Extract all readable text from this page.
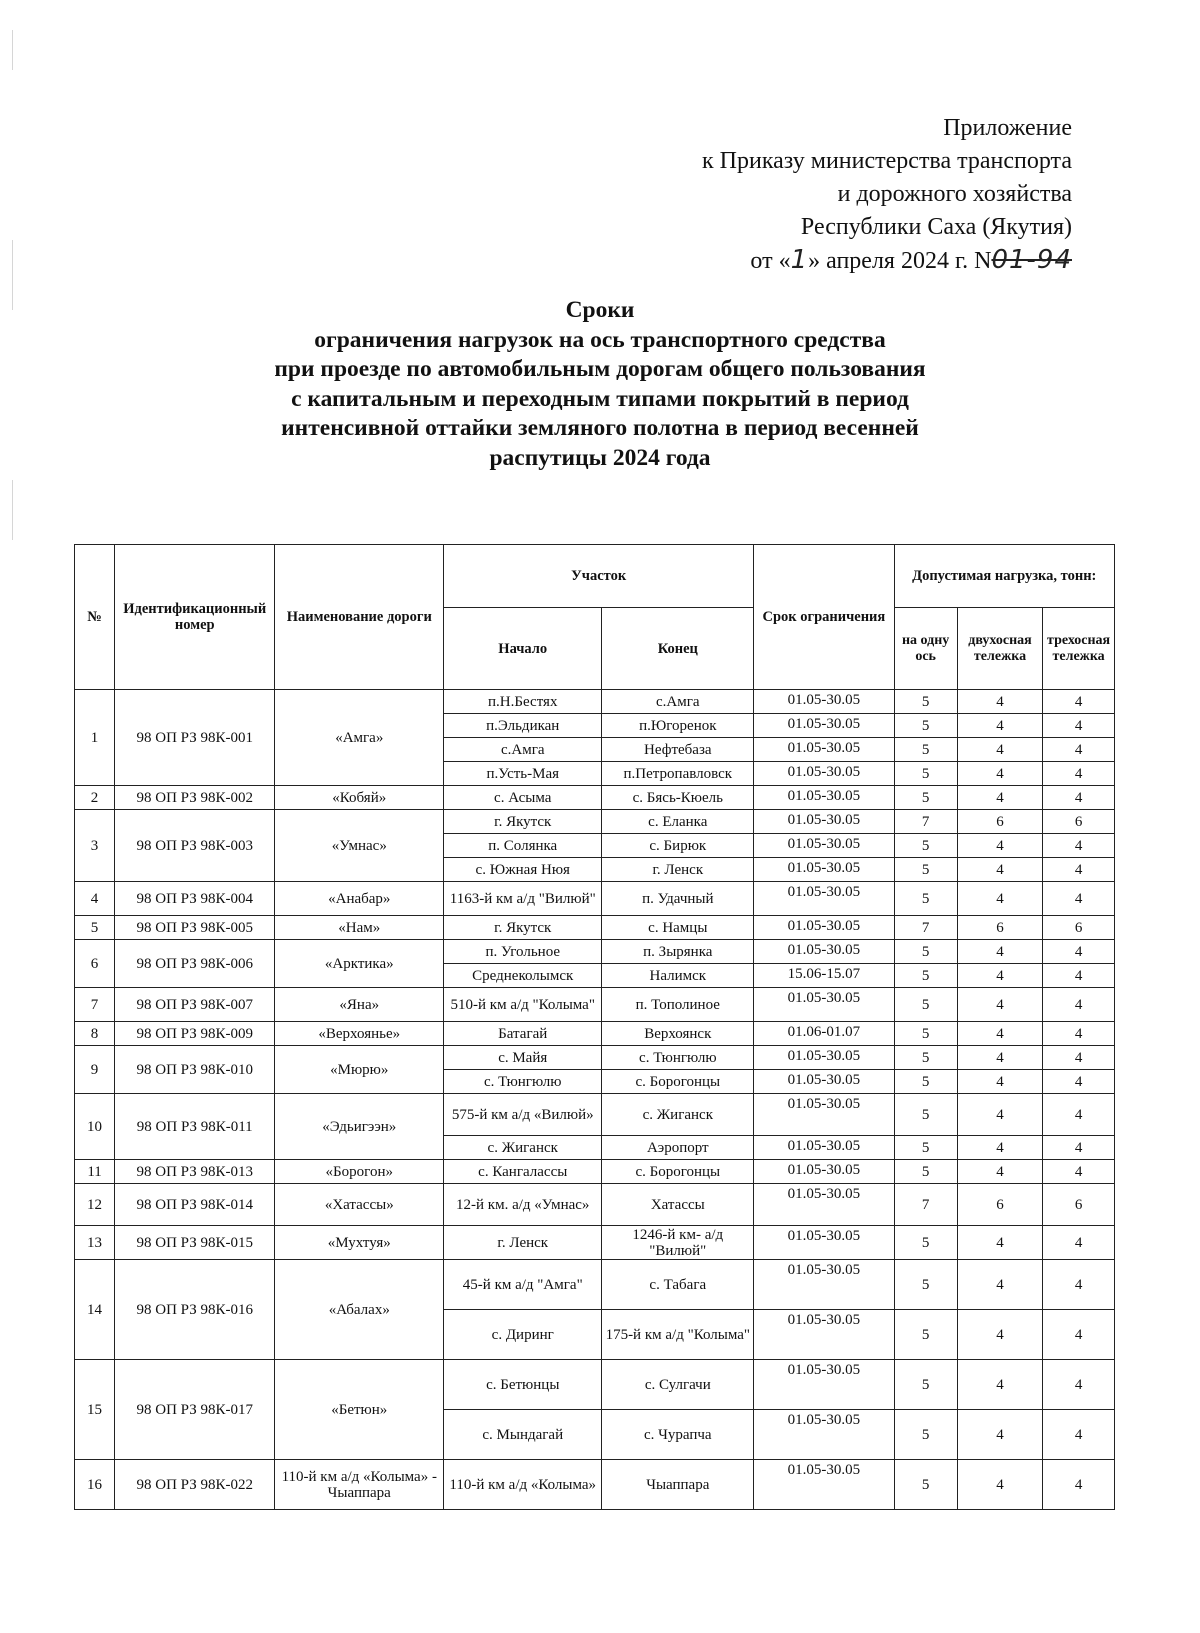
Приложение
к Приказу министерства транспорта
и дорожного хозяйства
Республики Саха (Якутия)
от «1» апреля 2024 г. N01-94
Сроки
ограничения нагрузок на ось транспортного средства
при проезде по автомобильным дорогам общего пользования
с капитальным и переходным типами покрытий в период
интенсивной оттайки земляного полотна в период весенней
распутицы 2024 года
№	Идентификационный номер	Наименование дороги	Участок		Срок ограничения	Допустимая нагрузка, тонн:		
			Начало	Конец		на одну ось	двухосная тележка	трехосная тележка
1	98 ОП РЗ 98К-001	«Амга»	п.Н.Бестях	с.Амга	01.05-30.05	5	4	4
			п.Эльдикан	п.Югоренок	01.05-30.05	5	4	4
			с.Амга	Нефтебаза	01.05-30.05	5	4	4
			п.Усть-Мая	п.Петропавловск	01.05-30.05	5	4	4
2	98 ОП РЗ 98К-002	«Кобяй»	с. Асыма	с. Бясь-Кюель	01.05-30.05	5	4	4
3	98 ОП РЗ 98К-003	«Умнас»	г. Якутск	с. Еланка	01.05-30.05	7	6	6
			п. Солянка	с. Бирюк	01.05-30.05	5	4	4
			с. Южная Нюя	г. Ленск	01.05-30.05	5	4	4
4	98 ОП РЗ 98К-004	«Анабар»	1163-й км а/д "Вилюй"	п. Удачный	01.05-30.05	5	4	4
5	98 ОП РЗ 98К-005	«Нам»	г. Якутск	с. Намцы	01.05-30.05	7	6	6
6	98 ОП РЗ 98К-006	«Арктика»	п. Угольное	п. Зырянка	01.05-30.05	5	4	4
			Среднеколымск	Налимск	15.06-15.07	5	4	4
7	98 ОП РЗ 98К-007	«Яна»	510-й км а/д "Колыма"	п. Тополиное	01.05-30.05	5	4	4
8	98 ОП РЗ 98К-009	«Верхоянье»	Батагай	Верхоянск	01.06-01.07	5	4	4
9	98 ОП РЗ 98К-010	«Мюрю»	с. Майя	с. Тюнгюлю	01.05-30.05	5	4	4
			с. Тюнгюлю	с. Борогонцы	01.05-30.05	5	4	4
10	98 ОП РЗ 98К-011	«Эдьигээн»	575-й км а/д «Вилюй»	с. Жиганск	01.05-30.05	5	4	4
			с. Жиганск	Аэропорт	01.05-30.05	5	4	4
11	98 ОП РЗ 98К-013	«Борогон»	с. Кангалассы	с. Борогонцы	01.05-30.05	5	4	4
12	98 ОП РЗ 98К-014	«Хатассы»	12-й км. а/д «Умнас»	Хатассы	01.05-30.05	7	6	6
13	98 ОП РЗ 98К-015	«Мухтуя»	г. Ленск	1246-й км- а/д "Вилюй"	01.05-30.05	5	4	4
14	98 ОП РЗ 98К-016	«Абалах»	45-й км а/д "Амга"	с. Табага	01.05-30.05	5	4	4
			с. Диринг	175-й км а/д "Колыма"	01.05-30.05	5	4	4
15	98 ОП РЗ 98К-017	«Бетюн»	с. Бетюнцы	с. Сулгачи	01.05-30.05	5	4	4
			с. Мындагай	с. Чурапча	01.05-30.05	5	4	4
16	98 ОП РЗ 98К-022	110-й км а/д «Колыма» - Чыаппара	110-й км а/д «Колыма»	Чыаппара	01.05-30.05	5	4	4
